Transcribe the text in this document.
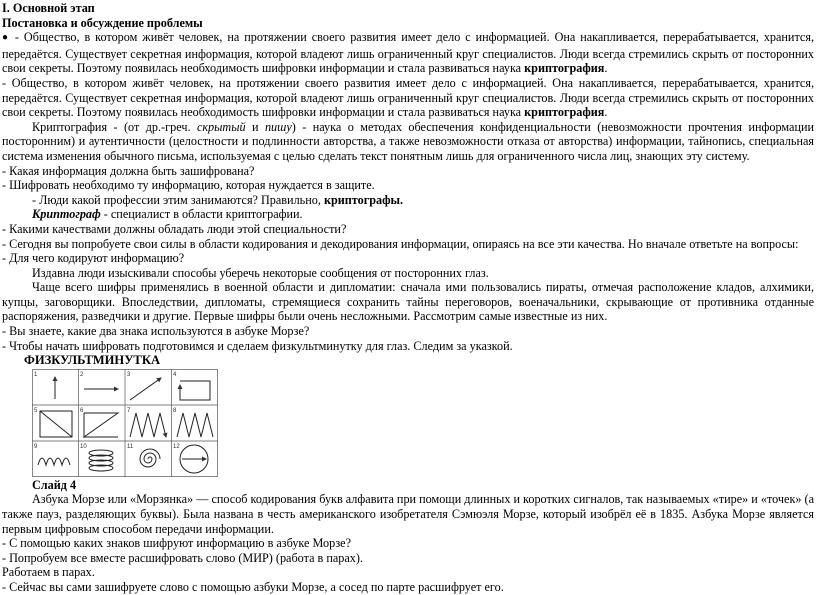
I. Основной этап

Постановка и обсуждение проблемы

● - Общество, в котором живёт человек, на протяжении своего развития имеет дело с информацией. Она накапливается, перерабатывается, хранится, передаётся. Существует секретная информация, которой владеют лишь ограниченный круг специалистов. Люди всегда стремились скрыть от посторонних свои секреты. Поэтому появилась необходимость шифровки информации и стала развиваться наука криптография.

- Общество, в котором живёт человек, на протяжении своего развития имеет дело с информацией. Она накапливается, перерабатывается, хранится, передаётся. Существует секретная информация, которой владеют лишь ограниченный круг специалистов. Люди всегда стремились скрыть от посторонних свои секреты. Поэтому появилась необходимость шифровки информации и стала развиваться наука криптография.

Криптография - (от др.-греч. скрытый и пишу) - наука о методах обеспечения конфиденциальности (невозможности прочтения информации посторонним) и аутентичности (целостности и подлинности авторства, а также невозможности отказа от авторства) информации, тайнопись, специальная система изменения обычного письма, используемая с целью сделать текст понятным лишь для ограниченного числа лиц, знающих эту систему.

- Какая информация должна быть зашифрована?

- Шифровать необходимо ту информацию, которая нуждается в защите.

- Люди какой профессии этим занимаются? Правильно, криптографы.

Криптограф - специалист в области криптографии.

- Какими качествами должны обладать люди этой специальности?

- Сегодня вы попробуете свои силы в области кодирования и декодирования информации, опираясь на все эти качества. Но вначале ответьте на вопросы:

- Для чего кодируют информацию?

Издавна люди изыскивали способы уберечь некоторые сообщения от посторонних глаз.

Чаще всего шифры применялись в военной области и дипломатии: сначала ими пользовались пираты, отмечая расположение кладов, алхимики, купцы, заговорщики. Впоследствии, дипломаты, стремящиеся сохранить тайны переговоров, военачальники, скрывающие от противника отданные распоряжения, разведчики и другие. Первые шифры были очень несложными. Рассмотрим самые известные из них.

- Вы знаете, какие два знака используются в азбуке Морзе?

- Чтобы начать шифровать подготовимся и сделаем физкультминутку для глаз. Следим за указкой.

ФИЗКУЛЬТМИНУТКА

1	2	3	4
5	6	7	8
9	10	11	12

Слайд 4

Азбука Морзе или «Морзянка» — способ кодирования букв алфавита при помощи длинных и коротких сигналов, так называемых «тире» и «точек» (а также пауз, разделяющих буквы). Была названа в честь американского изобретателя Сэмюэля Морзе, который изобрёл её в 1835. Азбука Морзе является первым цифровым способом передачи информации.

- С помощью каких знаков шифруют информацию в азбуке Морзе?

- Попробуем все вместе расшифровать слово (МИР) (работа в парах).

Работаем в парах.

- Сейчас вы сами зашифруете слово с помощью азбуки Морзе, а сосед по парте расшифрует его.
